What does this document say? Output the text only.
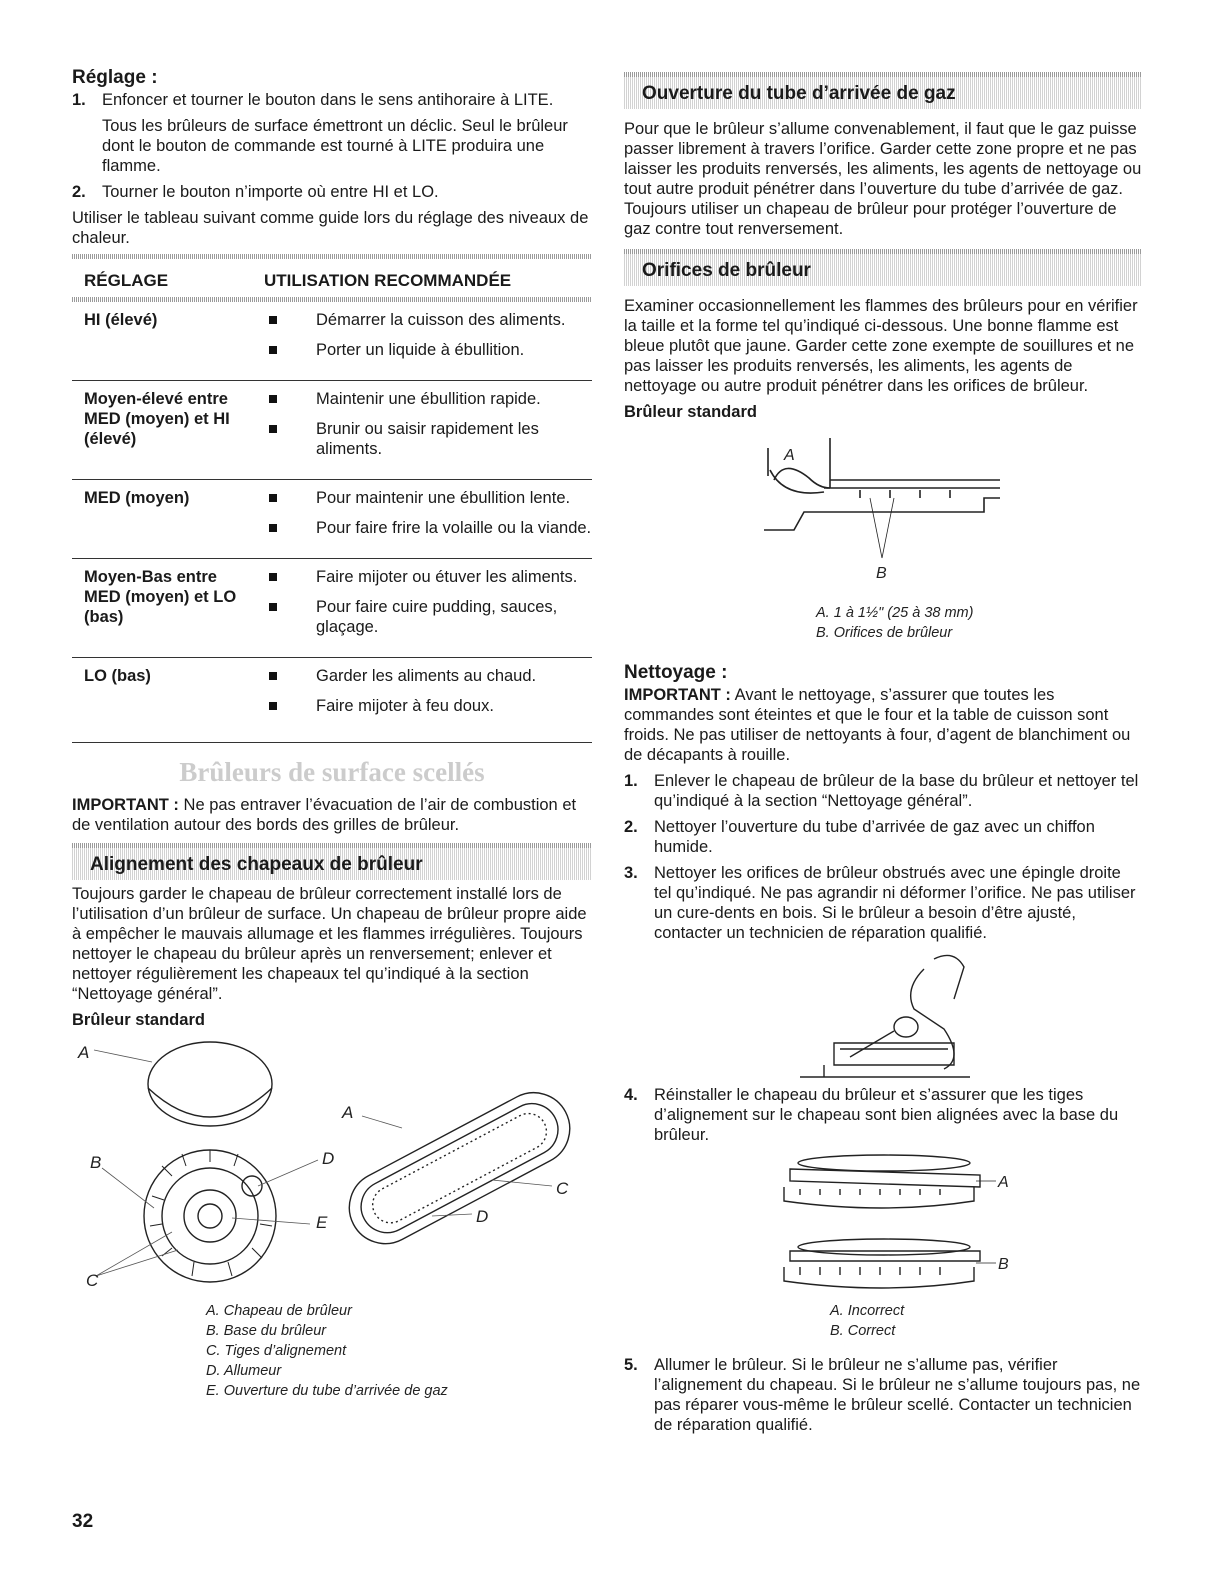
Réglage :
1. Enfoncer et tourner le bouton dans le sens antihoraire à LITE.

Tous les brûleurs de surface émettront un déclic. Seul le brûleur dont le bouton de commande est tourné à LITE produira une flamme.

2. Tourner le bouton n’importe où entre HI et LO.

Utiliser le tableau suivant comme guide lors du réglage des niveaux de chaleur.

RÉGLAGE	UTILISATION RECOMMANDÉE

HI (élevé)	Démarrer la cuisson des aliments.
Porter un liquide à ébullition.

Moyen-élevé entre MED (moyen) et HI (élevé)	Maintenir une ébullition rapide.
Brunir ou saisir rapidement les aliments.

MED (moyen)	Pour maintenir une ébullition lente.
Pour faire frire la volaille ou la viande.

Moyen-Bas entre MED (moyen) et LO (bas)	Faire mijoter ou étuver les aliments.
Pour faire cuire pudding, sauces, glaçage.

LO (bas)	Garder les aliments au chaud.
Faire mijoter à feu doux.
Brûleurs de surface scellés

IMPORTANT : Ne pas entraver l’évacuation de l’air de combustion et de ventilation autour des bords des grilles de brûleur.

Alignement des chapeaux de brûleur

Toujours garder le chapeau de brûleur correctement installé lors de l’utilisation d’un brûleur de surface. Un chapeau de brûleur propre aide à empêcher le mauvais allumage et les flammes irrégulières. Toujours nettoyer le chapeau du brûleur après un renversement; enlever et nettoyer régulièrement les chapeaux tel qu’indiqué à la section “Nettoyage général”.

Brûleur standard

A
B
C
D
E
A
C
D
A. Chapeau de brûleur
B. Base du brûleur
C. Tiges d’alignement
D. Allumeur
E. Ouverture du tube d’arrivée de gaz
32
Ouverture du tube d’arrivée de gaz

Pour que le brûleur s’allume convenablement, il faut que le gaz puisse passer librement à travers l’orifice. Garder cette zone propre et ne pas laisser les produits renversés, les aliments, les agents de nettoyage ou tout autre produit pénétrer dans l’ouverture du tube d’arrivée de gaz. Toujours utiliser un chapeau de brûleur pour protéger l’ouverture de gaz contre tout renversement.

Orifices de brûleur

Examiner occasionnellement les flammes des brûleurs pour en vérifier la taille et la forme tel qu’indiqué ci-dessous. Une bonne flamme est bleue plutôt que jaune. Garder cette zone exempte de souillures et ne pas laisser les produits renversés, les aliments, les agents de nettoyage ou autre produit pénétrer dans les orifices de brûleur.

Brûleur standard

A
B
A. 1 à 1½" (25 à 38 mm)
B. Orifices de brûleur
Nettoyage :

IMPORTANT : Avant le nettoyage, s’assurer que toutes les commandes sont éteintes et que le four et la table de cuisson sont froids. Ne pas utiliser de nettoyants à four, d’agent de blanchiment ou de décapants à rouille.

1. Enlever le chapeau de brûleur de la base du brûleur et nettoyer tel qu’indiqué à la section “Nettoyage général”.
2. Nettoyer l’ouverture du tube d’arrivée de gaz avec un chiffon humide.
3. Nettoyer les orifices de brûleur obstrués avec une épingle droite tel qu’indiqué. Ne pas agrandir ni déformer l’orifice. Ne pas utiliser un cure-dents en bois. Si le brûleur a besoin d’être ajusté, contacter un technicien de réparation qualifié.
4. Réinstaller le chapeau du brûleur et s’assurer que les tiges d’alignement sur le chapeau sont bien alignées avec la base du brûleur.
A
B
A. Incorrect
B. Correct
5. Allumer le brûleur. Si le brûleur ne s’allume pas, vérifier l’alignement du chapeau. Si le brûleur ne s’allume toujours pas, ne pas réparer vous-même le brûleur scellé. Contacter un technicien de réparation qualifié.
